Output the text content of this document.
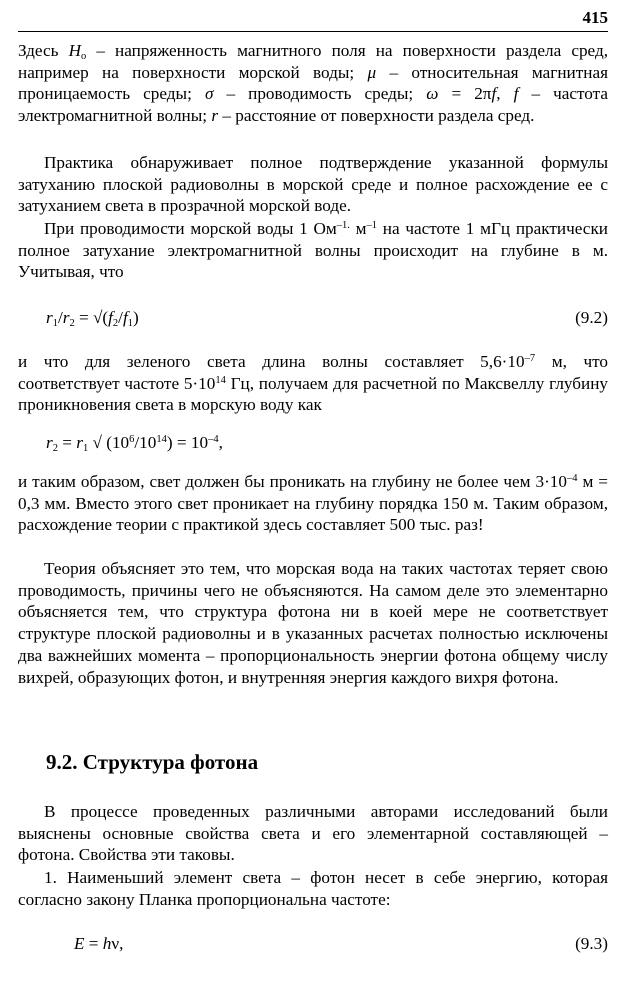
415
Здесь $H_о$ – напряженность магнитного поля на поверхности раздела сред, например на поверхности морской воды; μ – относительная магнитная проницаемость среды; σ – проводимость среды; ω = 2πf, f – частота электромагнитной волны; r – расстояние от поверхности раздела сред.
Практика обнаруживает полное подтверждение указанной формулы затуханию плоской радиоволны в морской среде и полное расхождение ее с затуханием света в прозрачной морской воде.
При проводимости морской воды 1 $Ом^{-1.}$ $м^{-1}$ на частоте 1 мГц практически полное затухание электромагнитной волны происходит на глубине в м. Учитывая, что
$r_1/r_2 = √(f_2/f_1)$	(9.2)
и что для зеленого света длина волны составляет $5,6\cdot 10^{-7}$ м, что
соответствует частоте $5\cdot 10^{14}$ Гц, получаем для расчетной по Максвеллу глубину проникновения света в морскую воду как
$r_2 = r_1$ √ $(10^6/10^{14}) = 10^{-4}$,
и таким образом, свет должен бы проникать на глубину не более чем $3\cdot 10^{-4}$ м = 0,3 мм. Вместо этого свет проникает на глубину порядка 150 м. Таким образом, расхождение теории с практикой здесь составляет 500 тыс. раз!
Теория объясняет это тем, что морская вода на таких частотах теряет свою проводимость, причины чего не объясняются. На самом деле это элементарно объясняется тем, что структура фотона ни в коей мере не соответствует структуре плоской радиоволны и в указанных расчетах полностью исключены два важнейших момента – пропорциональность энергии фотона общему числу вихрей, образующих фотон, и внутренняя энергия каждого вихря фотона.
9.2. Структура фотона
В процессе проведенных различными авторами исследований были выяснены основные свойства света и его элементарной составляющей – фотона. Свойства эти таковы.
1. Наименьший элемент света – фотон несет в себе энергию, которая согласно закону Планка пропорциональна частоте:
E = hν,	(9.3)
